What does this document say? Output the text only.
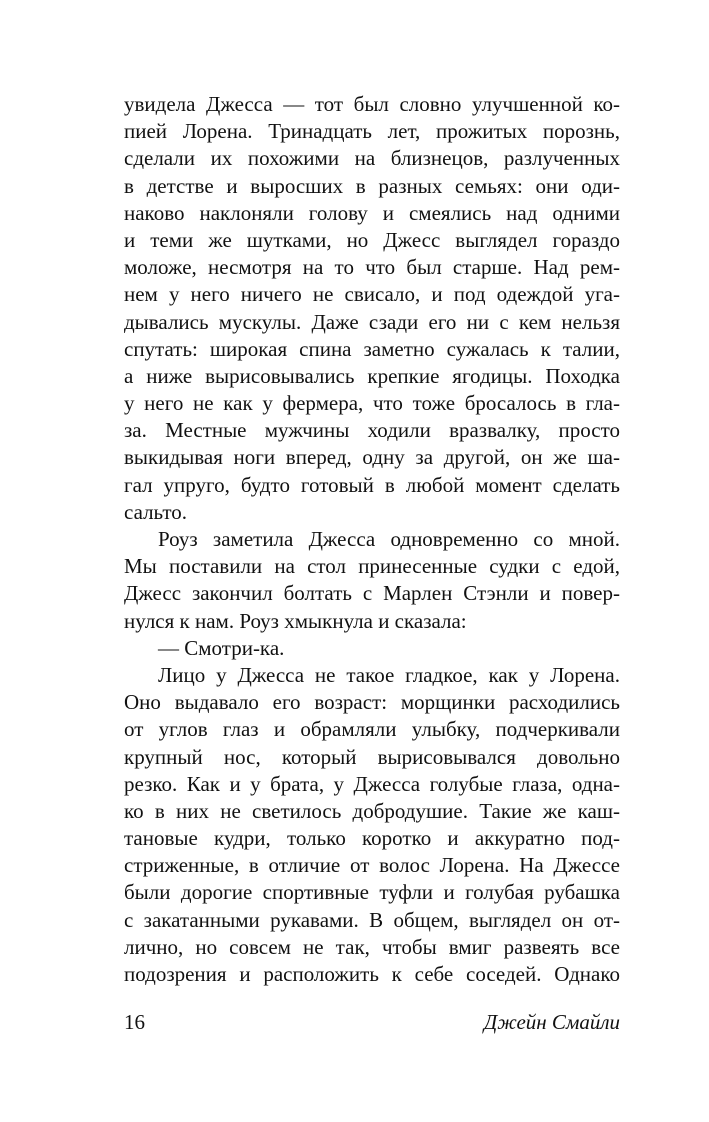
увидела Джесса — тот был словно улучшенной ко-
пией Лорена. Тринадцать лет, прожитых порознь,
сделали их похожими на близнецов, разлученных
в детстве и выросших в разных семьях: они оди-
наково наклоняли голову и смеялись над одними
и теми же шутками, но Джесс выглядел гораздо
моложе, несмотря на то что был старше. Над рем-
нем у него ничего не свисало, и под одеждой уга-
дывались мускулы. Даже сзади его ни с кем нельзя
спутать: широкая спина заметно сужалась к талии,
а ниже вырисовывались крепкие ягодицы. Походка
у него не как у фермера, что тоже бросалось в гла-
за. Местные мужчины ходили вразвалку, просто
выкидывая ноги вперед, одну за другой, он же ша-
гал упруго, будто готовый в любой момент сделать
сальто.
Роуз заметила Джесса одновременно со мной.
Мы поставили на стол принесенные судки с едой,
Джесс закончил болтать с Марлен Стэнли и повер-
нулся к нам. Роуз хмыкнула и сказала:
— Смотри-ка.
Лицо у Джесса не такое гладкое, как у Лорена.
Оно выдавало его возраст: морщинки расходились
от углов глаз и обрамляли улыбку, подчеркивали
крупный нос, который вырисовывался довольно
резко. Как и у брата, у Джесса голубые глаза, одна-
ко в них не светилось добродушие. Такие же каш-
тановые кудри, только коротко и аккуратно под-
стриженные, в отличие от волос Лорена. На Джессе
были дорогие спортивные туфли и голубая рубашка
с закатанными рукавами. В общем, выглядел он от-
лично, но совсем не так, чтобы вмиг развеять все
подозрения и расположить к себе соседей. Однако
16	Джейн Смайли
